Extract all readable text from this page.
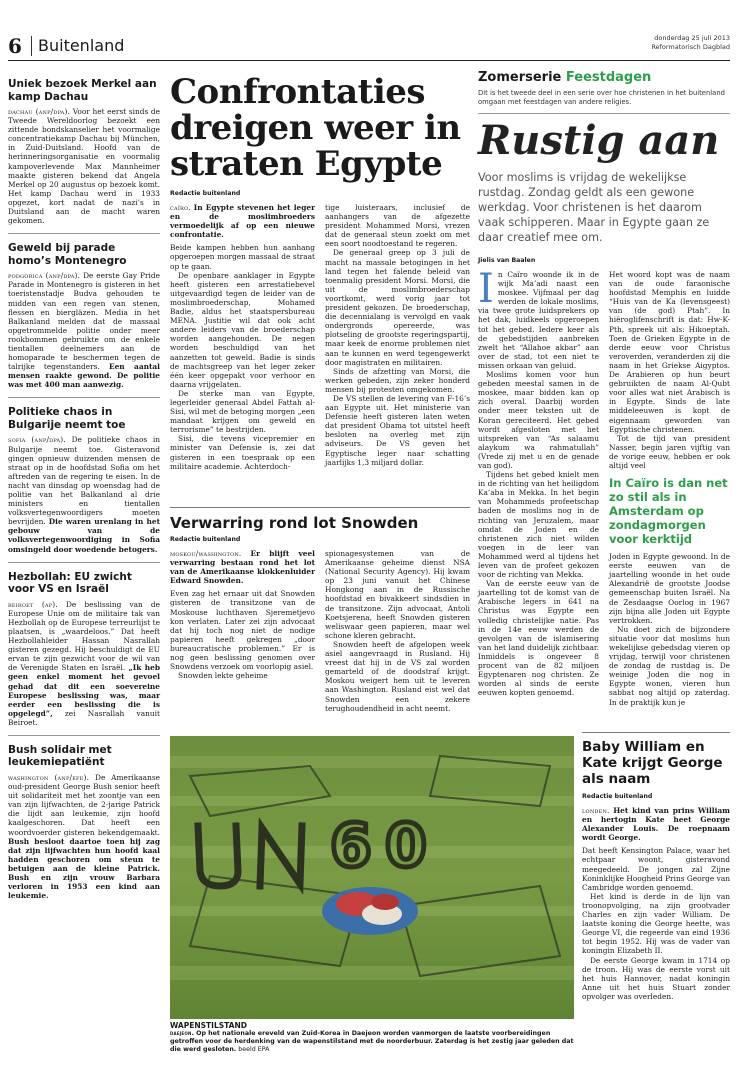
6 Buitenland	donderdag 25 juli 2013
Reformatorisch Dagblad
Uniek bezoek Merkel aan kamp Dachau
dachau (anp/dpa). Voor het eerst sinds de Tweede Wereldoorlog bezoekt een zittende bondskanselier het voormalige concentratiekamp Dachau bij München, in Zuid-Duitsland. Hoofd van de herinneringsorganisatie en voormalig kampoverlevende Max Mannheimer maakte gisteren bekend dat Angela Merkel op 20 augustus op bezoek komt. Het kamp Dachau werd in 1933 opgezet, kort nadat de nazi’s in Duitsland aan de macht waren gekomen.
Geweld bij parade homo’s Montenegro
podgorica (anp/dpa). De eerste Gay Pride Parade in Montenegro is gisteren in het toeristenstadje Budva gehouden te midden van een regen van stenen, flessen en biergläzen. Media in het Balkanland melden dat de massaal opgetrommelde politie onder meer rookbommen gebruikte om de enkele tientallen deelnemers aan de homoparade te beschermen tegen de talrijke tegenstanders. Een aantal mensen raakte gewond. De politie was met 400 man aanwezig.
Politieke chaos in Bulgarije neemt toe
sofia (anp/dpa). De politieke chaos in Bulgarije neemt toe. Gisteravond gingen opnieuw duizenden mensen de straat op in de hoofdstad Sofia om het aftreden van de regering te eisen. In de nacht van dinsdag op woensdag had de politie van het Balkanland al drie ministers en tientallen volksvertegenwoordigers moeten bevrijden. Die waren urenlang in het gebouw van de volksvertegenwoordiging in Sofia omsingeld door woedende betogers.
Hezbollah: EU zwicht voor VS en Israël
beiroet (ap). De beslissing van de Europese Unie om de militaire tak van Hezbollah op de Europese terreurlijst te plaatsen, is „waardeloos.” Dat heeft Hezbollahleider Hassan Nasrallah gisteren gezegd. Hij beschuldigt de EU ervan te zijn gezwicht voor de wil van de Verenigde Staten en Israël. „Ik heb geen enkel moment het gevoel gehad dat dit een soevereine Europese beslissing was, maar eerder een beslissing die is opgelegd”, zei Nasrallah vanuit Beiroet.
Bush solidair met leukemiepatiënt
washington (anp/efe). De Amerikaanse oud-president George Bush senior heeft uit solidariteit met het zoontje van een van zijn lijfwachten, de 2-jarige Patrick die lijdt aan leukemie, zijn hoofd kaalgeschoren. Dat heeft een woordvoerder gisteren bekendgemaakt. Bush besloot daartoe toen hij zag dat zijn lijfwachten hun hoofd kaal hadden geschoren om steun te betuigen aan de kleine Patrick. Bush en zijn vrouw Barbara verloren in 1953 een kind aan leukemie.
Confrontaties dreigen weer in straten Egypte
Redactie buitenland
caïro. In Egypte stevenen het leger en de moslimbroeders vermoedelijk af op een nieuwe confrontatie.
Beide kampen hebben hun aanhang opgeroepen morgen massaal de straat op te gaan.
De openbare aanklager in Egypte heeft gisteren een arrestatiebevel uitgevaardigd tegen de leider van de moslimbroederschap, Mohamed Badie, aldus het staatspersbureau MENA. Justitie wil dat ook acht andere leiders van de broederschap worden aangehouden. De negen worden beschuldigd van het aanzetten tot geweld. Badie is sinds de machtsgreep van het leger zeker één keer opgepakt voor verhoor en daarna vrijgelaten.
De sterke man van Egypte, legerleider generaal Abdel Fattah al-Sisi, wil met de betoging morgen „een mandaat krijgen om geweld en terrorisme” te bestrijden.
Sisi, die tevens vicepremier en minister van Defensie is, zei dat gisteren in een toespraak op een militaire academie. Achterdoch-
tige luisteraars, inclusief de aanhangers van de afgezette president Mohammed Morsi, vrezen dat de generaal steun zoekt om met een soort noodtoestand te regeren.
De generaal greep op 3 juli de macht na massale betogingen in het land tegen het falende beleid van toenmalig president Morsi. Morsi, die uit de moslimbroederschap voortkomt, werd vorig jaar tot president gekozen. De broederschap, die decennialang is vervolgd en vaak ondergronds opereerde, was plotseling de grootste regeringspartij, maar keek de enorme problemen niet aan te kunnen en werd tegengewerkt door magistraten en militairen.
Sinds de afzetting van Morsi, die werken gebeden, zijn zeker honderd mensen bij protesten omgekomen.
De VS stellen de levering van F-16’s aan Egypte uit. Het ministerie van Defensie heeft gisteren laten weten dat president Obama tot uitstel heeft besloten na overleg met zijn adviseurs. De VS geven het Egyptische leger naar schatting jaarlijks 1,3 miljard dollar.
Verwarring rond lot Snowden
Redactie buitenland
moskou/washington. Er blijft veel verwarring bestaan rond het lot van de Amerikaanse klokkenluider Edward Snowden.
Even zag het ernaar uit dat Snowden gisteren de transitzone van de Moskouse luchthaven Sjeremetjevo kon verlaten. Later zei zijn advocaat dat hij toch nog niet de nodige papieren heeft gekregen „door bureaucratische problemen.” Er is nog geen beslissing genomen over Snowdens verzoek om voorlopig asiel.
Snowden lekte geheime
spionagesystemen van de Amerikaanse geheime dienst NSA (National Security Agency). Hij kwam op 23 juni vanuit het Chinese Hongkong aan in de Russische hoofdstad en bivakkeert sindsdien in de transitzone. Zijn advocaat, Antoli Koetsjerena, heeft Snowden gisteren weliswaar geen papieren, maar wel schone kleren gebracht.
Snowden heeft de afgelopen week asiel aangevraagd in Rusland. Hij vreest dat hij in de VS zal worden gemarteld of de doodstraf krijgt. Moskou weigert hem uit te leveren aan Washington. Rusland eist wel dat Snowden een zekere terughoudendheid in acht neemt.
Zomerserie Feestdagen
Dit is het tweede deel in een serie over hoe christenen in het buitenland omgaan met feestdagen van andere religies.
Rustig aan
Voor moslims is vrijdag de wekelijkse rustdag. Zondag geldt als een gewone werkdag. Voor christenen is het daarom vaak schipperen. Maar in Egypte gaan ze daar creatief mee om.
Jielis van Baalen
In Caïro woonde ik in de wijk Ma’adi naast een moskee. Vijfmaal per dag werden de lokale moslims, via twee grote luidsprekers op het dak, luidkeels opgeroepen tot het gebed. Iedere keer als de gebedstijden aanbreken zwelt het “Allahoe akbar” aan over de stad, tot een niet te missen orkaan van geluid.
Moslims komen voor hun gebeden meestal samen in de moskee, maar bidden kan op zich overal. Daarbij worden onder meer teksten uit de Koran gereciteerd. Het gebed wordt afgesloten met het uitspreken van “As salaamu alaykum wa rahmatullah” (Vrede zij met u en de genade van god).
Tijdens het gebed knielt men in de richting van het heiligdom Ka’aba in Mekka. In het begin van Mohammeds profeetschap baden de moslims nog in de richting van Jeruzalem, maar omdat de Joden en de christenen zich niet wilden voegen in de leer van Mohammed werd al tijdens het leven van de profeet gekozen voor de richting van Mekka.
Van de eerste eeuw van de jaartelling tot de komst van de Arabische legers in 641 na Christus was Egypte een volledig christelijke natie. Pas in de 14e eeuw werden de gevolgen van de islamisering van het land duidelijk zichtbaar. Inmiddels is ongeveer 8 procent van de 82 miljoen Egyptenaren nog christen. Ze worden al sinds de eerste eeuwen kopten genoemd.
Het woord kopt was de naam van de oude faraonische hoofdstad Memphis en luidde “Huis van de Ka (levensgeest) van (de god) Ptah”. In hiëroglifenschrift is dat: Hw-K-Pth, spreek uit als: Hikoeptah. Toen de Grieken Egypte in de derde eeuw voor Christus veroverden, veranderden zij die naam in het Griekse Aigyptos. De Arabieren op hun beurt gebruikten de naam Al-Qubt voor alles wat niet Arabisch is in Egypte. Sinds de late middeleeuwen is kopt de eigennaam geworden van Egyptische christenen.
Tot de tijd van president Nasser, begin jaren vijftig van de vorige eeuw, hebben er ook altijd veel
In Caïro is dan net zo stil als in Amsterdam op zondagmorgen voor kerktijd
Joden in Egypte gewoond. In de eerste eeuwen van de jaartelling woonde in het oude Alexandrië de grootste Joodse gemeenschap buiten Israël. Na de Zesdaagse Oorlog in 1967 zijn bijna alle Joden uit Egypte vertrokken.
Nu doet zich de bijzondere situatie voor dat moslims hun wekelijkse gebedsdag vieren op vrijdag, terwijl voor christenen de zondag de rustdag is. De weinige Joden die nog in Egypte wonen, vieren hun sabbat nog altijd op zaterdag. In de praktijk kun je
6 0
WAPENSTILSTAND
daejeon. Op het nationale ereveld van Zuid-Korea in Daejeon worden vanmorgen de laatste voorbereidingen getroffen voor de herdenking van de wapenstilstand met de noorderbuur. Zaterdag is het zestig jaar geleden dat die werd gesloten. beeld EPA
Baby William en Kate krijgt George als naam
Redactie buitenland
londen. Het kind van prins William en hertogin Kate heet George Alexander Louis. De roepnaam wordt George.
Dat heeft Kensington Palace, waar het echtpaar woont, gisteravond meegedeeld. De jongen zal Zijne Koninklijke Hoogheid Prins George van Cambridge worden genoemd.
Het kind is derde in de lijn van troonopvolging, na zijn grootvader Charles en zijn vader William. De laatste koning die George heette, was George VI, die regeerde van eind 1936 tot begin 1952. Hij was de vader van koningin Elizabeth II.
De eerste George kwam in 1714 op de troon. Hij was de eerste vorst uit het huis Hannover, nadat koningin Anne uit het huis Stuart zonder opvolger was overleden.
